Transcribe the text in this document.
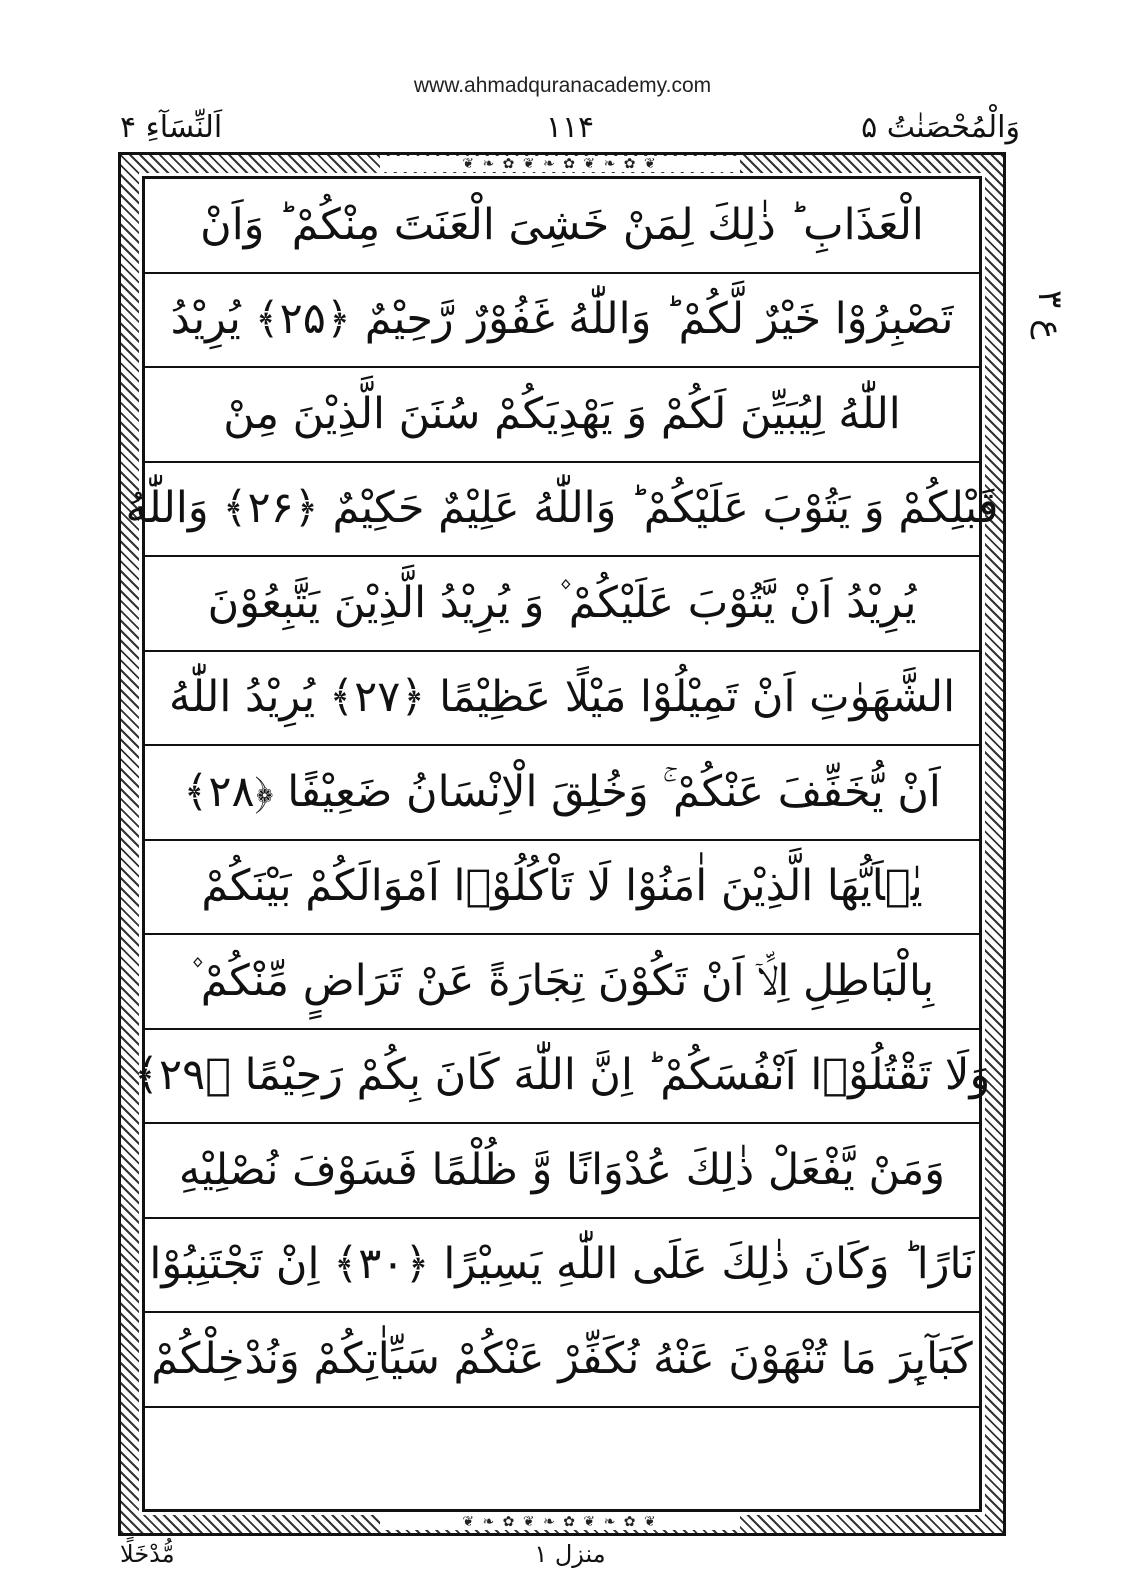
www.ahmadquranacademy.com
وَالْمُحْصَنٰتُ ۵
۱۱۴
اَلنِّسَآءِ ۴
❦ ❧ ✿ ❦ ❧ ✿ ❦ ❧ ✿ ❦
❦ ❧ ✿ ❦ ❧ ✿ ❦ ❧ ✿ ❦
ع ۳
الْعَذَابِ ؕ ذٰلِكَ لِمَنْ خَشِیَ الْعَنَتَ مِنْكُمْ ؕ وَاَنْ
تَصْبِرُوْا خَیْرٌ لَّكُمْ ؕ وَاللّٰهُ غَفُوْرٌ رَّحِیْمٌ ﴿۲۵﴾ یُرِیْدُ
اللّٰهُ لِیُبَیِّنَ لَكُمْ وَ یَهْدِیَكُمْ سُنَنَ الَّذِیْنَ مِنْ
قَبْلِكُمْ وَ یَتُوْبَ عَلَیْكُمْ ؕ وَاللّٰهُ عَلِیْمٌ حَكِیْمٌ ﴿۲۶﴾ وَاللّٰهُ
یُرِیْدُ اَنْ یَّتُوْبَ عَلَیْكُمْ ۫ وَ یُرِیْدُ الَّذِیْنَ یَتَّبِعُوْنَ
الشَّهَوٰتِ اَنْ تَمِیْلُوْا مَیْلًا عَظِیْمًا ﴿۲۷﴾ یُرِیْدُ اللّٰهُ
اَنْ یُّخَفِّفَ عَنْكُمْ ۚ وَخُلِقَ الْاِنْسَانُ ضَعِیْفًا ﴿۲۸﴾
یٰۤاَیُّهَا الَّذِیْنَ اٰمَنُوْا لَا تَاْكُلُوْۤا اَمْوَالَكُمْ بَیْنَكُمْ
بِالْبَاطِلِ اِلَّاۤ اَنْ تَكُوْنَ تِجَارَةً عَنْ تَرَاضٍ مِّنْكُمْ ۫
وَلَا تَقْتُلُوْۤا اَنْفُسَكُمْ ؕ اِنَّ اللّٰهَ كَانَ بِكُمْ رَحِیْمًا ﴿۲۹﴾
وَمَنْ یَّفْعَلْ ذٰلِكَ عُدْوَانًا وَّ ظُلْمًا فَسَوْفَ نُصْلِیْهِ
نَارًا ؕ وَكَانَ ذٰلِكَ عَلَی اللّٰهِ یَسِیْرًا ﴿۳۰﴾ اِنْ تَجْتَنِبُوْا
كَبَآىِٕرَ مَا تُنْهَوْنَ عَنْهُ نُكَفِّرْ عَنْكُمْ سَیِّاٰتِكُمْ وَنُدْخِلْكُمْ
منزل ۱
مُّدْخَلًا
